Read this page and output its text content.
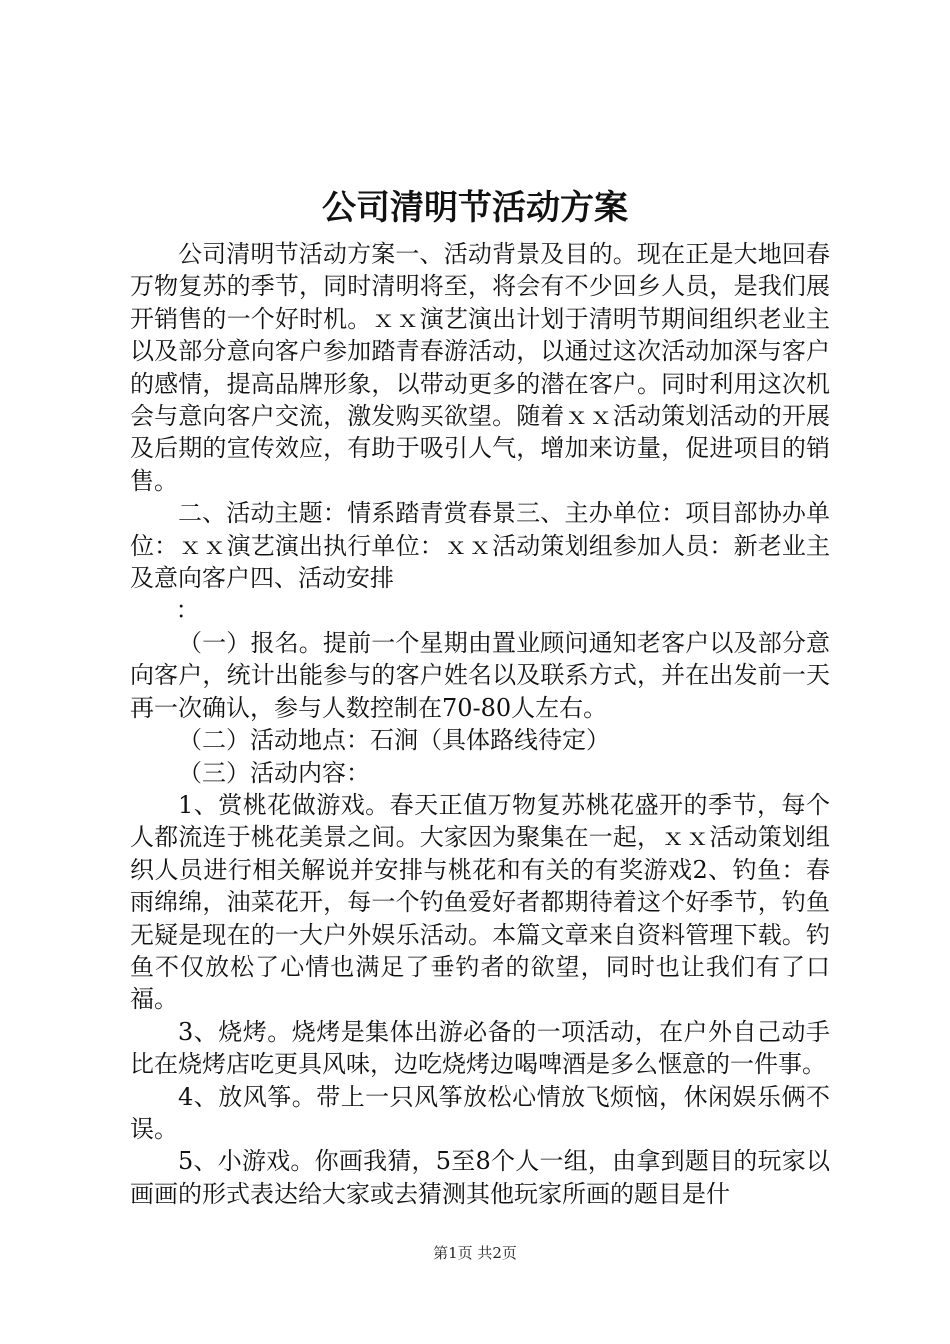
公司清明节活动方案

公司清明节活动方案一、活动背景及目的。现在正是大地回春万物复苏的季节，同时清明将至，将会有不少回乡人员，是我们展开销售的一个好时机。ｘｘ演艺演出计划于清明节期间组织老业主以及部分意向客户参加踏青春游活动，以通过这次活动加深与客户的感情，提高品牌形象，以带动更多的潜在客户。同时利用这次机会与意向客户交流，激发购买欲望。随着ｘｘ活动策划活动的开展及后期的宣传效应，有助于吸引人气，增加来访量，促进项目的销售。

二、活动主题：情系踏青赏春景三、主办单位：项目部协办单位：ｘｘ演艺演出执行单位：ｘｘ活动策划组参加人员：新老业主及意向客户四、活动安排

：

（一）报名。提前一个星期由置业顾问通知老客户以及部分意向客户，统计出能参与的客户姓名以及联系方式，并在出发前一天再一次确认，参与人数控制在70-80人左右。

（二）活动地点：石涧（具体路线待定）

（三）活动内容：

1、赏桃花做游戏。春天正值万物复苏桃花盛开的季节，每个人都流连于桃花美景之间。大家因为聚集在一起，ｘｘ活动策划组织人员进行相关解说并安排与桃花和有关的有奖游戏2、钓鱼：春雨绵绵，油菜花开，每一个钓鱼爱好者都期待着这个好季节，钓鱼无疑是现在的一大户外娱乐活动。本篇文章来自资料管理下载。钓鱼不仅放松了心情也满足了垂钓者的欲望，同时也让我们有了口福。

3、烧烤。烧烤是集体出游必备的一项活动，在户外自己动手比在烧烤店吃更具风味，边吃烧烤边喝啤酒是多么惬意的一件事。

4、放风筝。带上一只风筝放松心情放飞烦恼，休闲娱乐俩不误。

5、小游戏。你画我猜，5至8个人一组，由拿到题目的玩家以画画的形式表达给大家或去猜测其他玩家所画的题目是什

第1页 共2页
